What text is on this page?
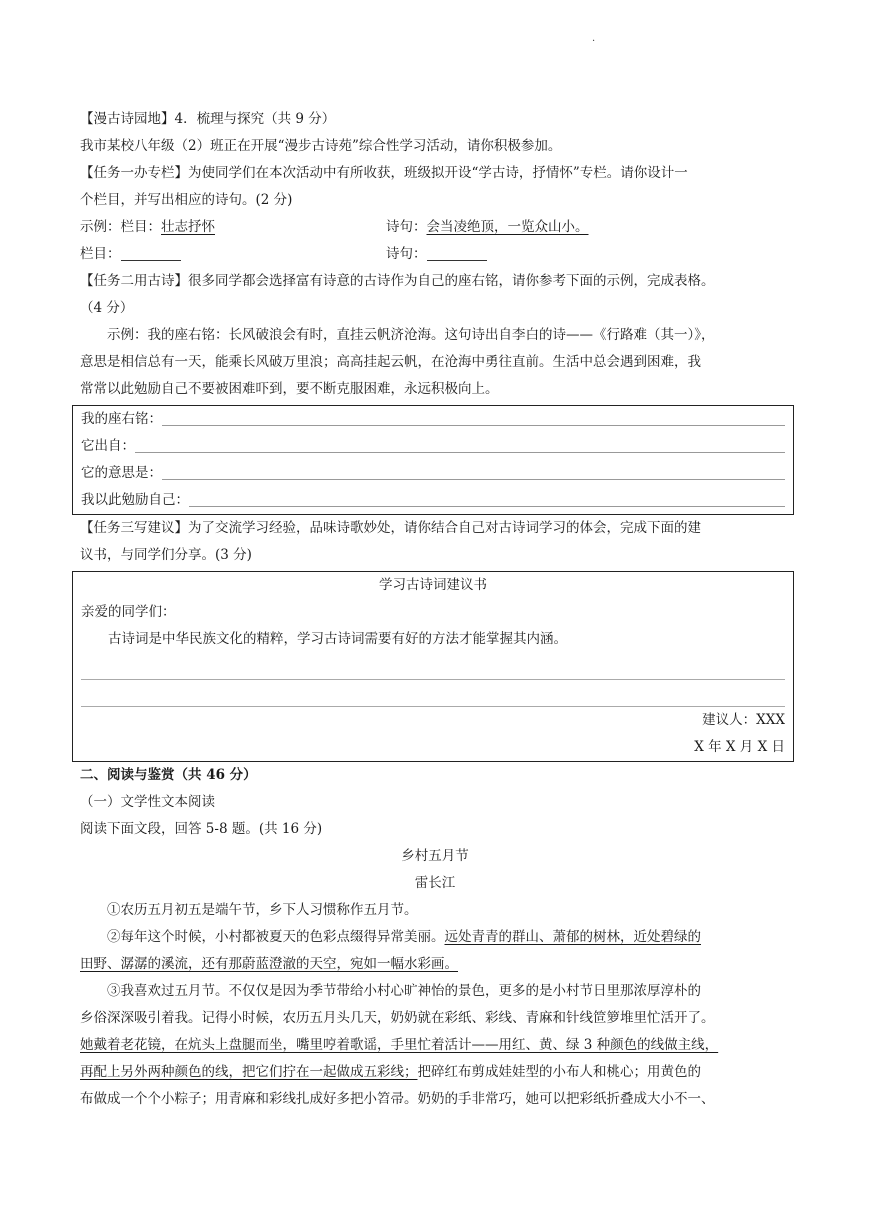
·
【漫古诗园地】4．梳理与探究（共 9 分）
我市某校八年级（2）班正在开展“漫步古诗苑”综合性学习活动，请你积极参加。
【任务一办专栏】为使同学们在本次活动中有所收获，班级拟开设“学古诗，抒情怀”专栏。请你设计一
个栏目，并写出相应的诗句。(2 分)
示例：栏目：壮志抒怀	诗句：会当凌绝顶，一览众山小。
栏目：	诗句：
【任务二用古诗】很多同学都会选择富有诗意的古诗作为自己的座右铭，请你参考下面的示例，完成表格。
（4 分）
示例：我的座右铭：长风破浪会有时，直挂云帆济沧海。这句诗出自李白的诗——《行路难（其一）》，
意思是相信总有一天，能乘长风破万里浪；高高挂起云帆，在沧海中勇往直前。生活中总会遇到困难，我
常常以此勉励自己不要被困难吓到，要不断克服困难，永远积极向上。
我的座右铭：
它出自：
它的意思是：
我以此勉励自己：
【任务三写建议】为了交流学习经验，品味诗歌妙处，请你结合自己对古诗词学习的体会，完成下面的建
议书，与同学们分享。(3 分)
学习古诗词建议书
亲爱的同学们：
古诗词是中华民族文化的精粹，学习古诗词需要有好的方法才能掌握其内涵。
建议人：XXX
X 年 X 月 X 日
二、阅读与鉴赏（共 46 分）
（一）文学性文本阅读
阅读下面文段，回答 5-8 题。(共 16 分)
乡村五月节
雷长江
①农历五月初五是端午节，乡下人习惯称作五月节。
②每年这个时候，小村都被夏天的色彩点缀得异常美丽。远处青青的群山、萧郁的树林，近处碧绿的
田野、潺潺的溪流，还有那蔚蓝澄澈的天空，宛如一幅水彩画。
③我喜欢过五月节。不仅仅是因为季节带给小村心旷神怡的景色，更多的是小村节日里那浓厚淳朴的
乡俗深深吸引着我。记得小时候，农历五月头几天，奶奶就在彩纸、彩线、青麻和针线笸箩堆里忙活开了。
她戴着老花镜，在炕头上盘腿而坐，嘴里哼着歌谣，手里忙着活计——用红、黄、绿 3 种颜色的线做主线，
再配上另外两种颜色的线，把它们拧在一起做成五彩线；把碎红布剪成娃娃型的小布人和桃心；用黄色的
布做成一个个小粽子；用青麻和彩线扎成好多把小笤帚。奶奶的手非常巧，她可以把彩纸折叠成大小不一、
